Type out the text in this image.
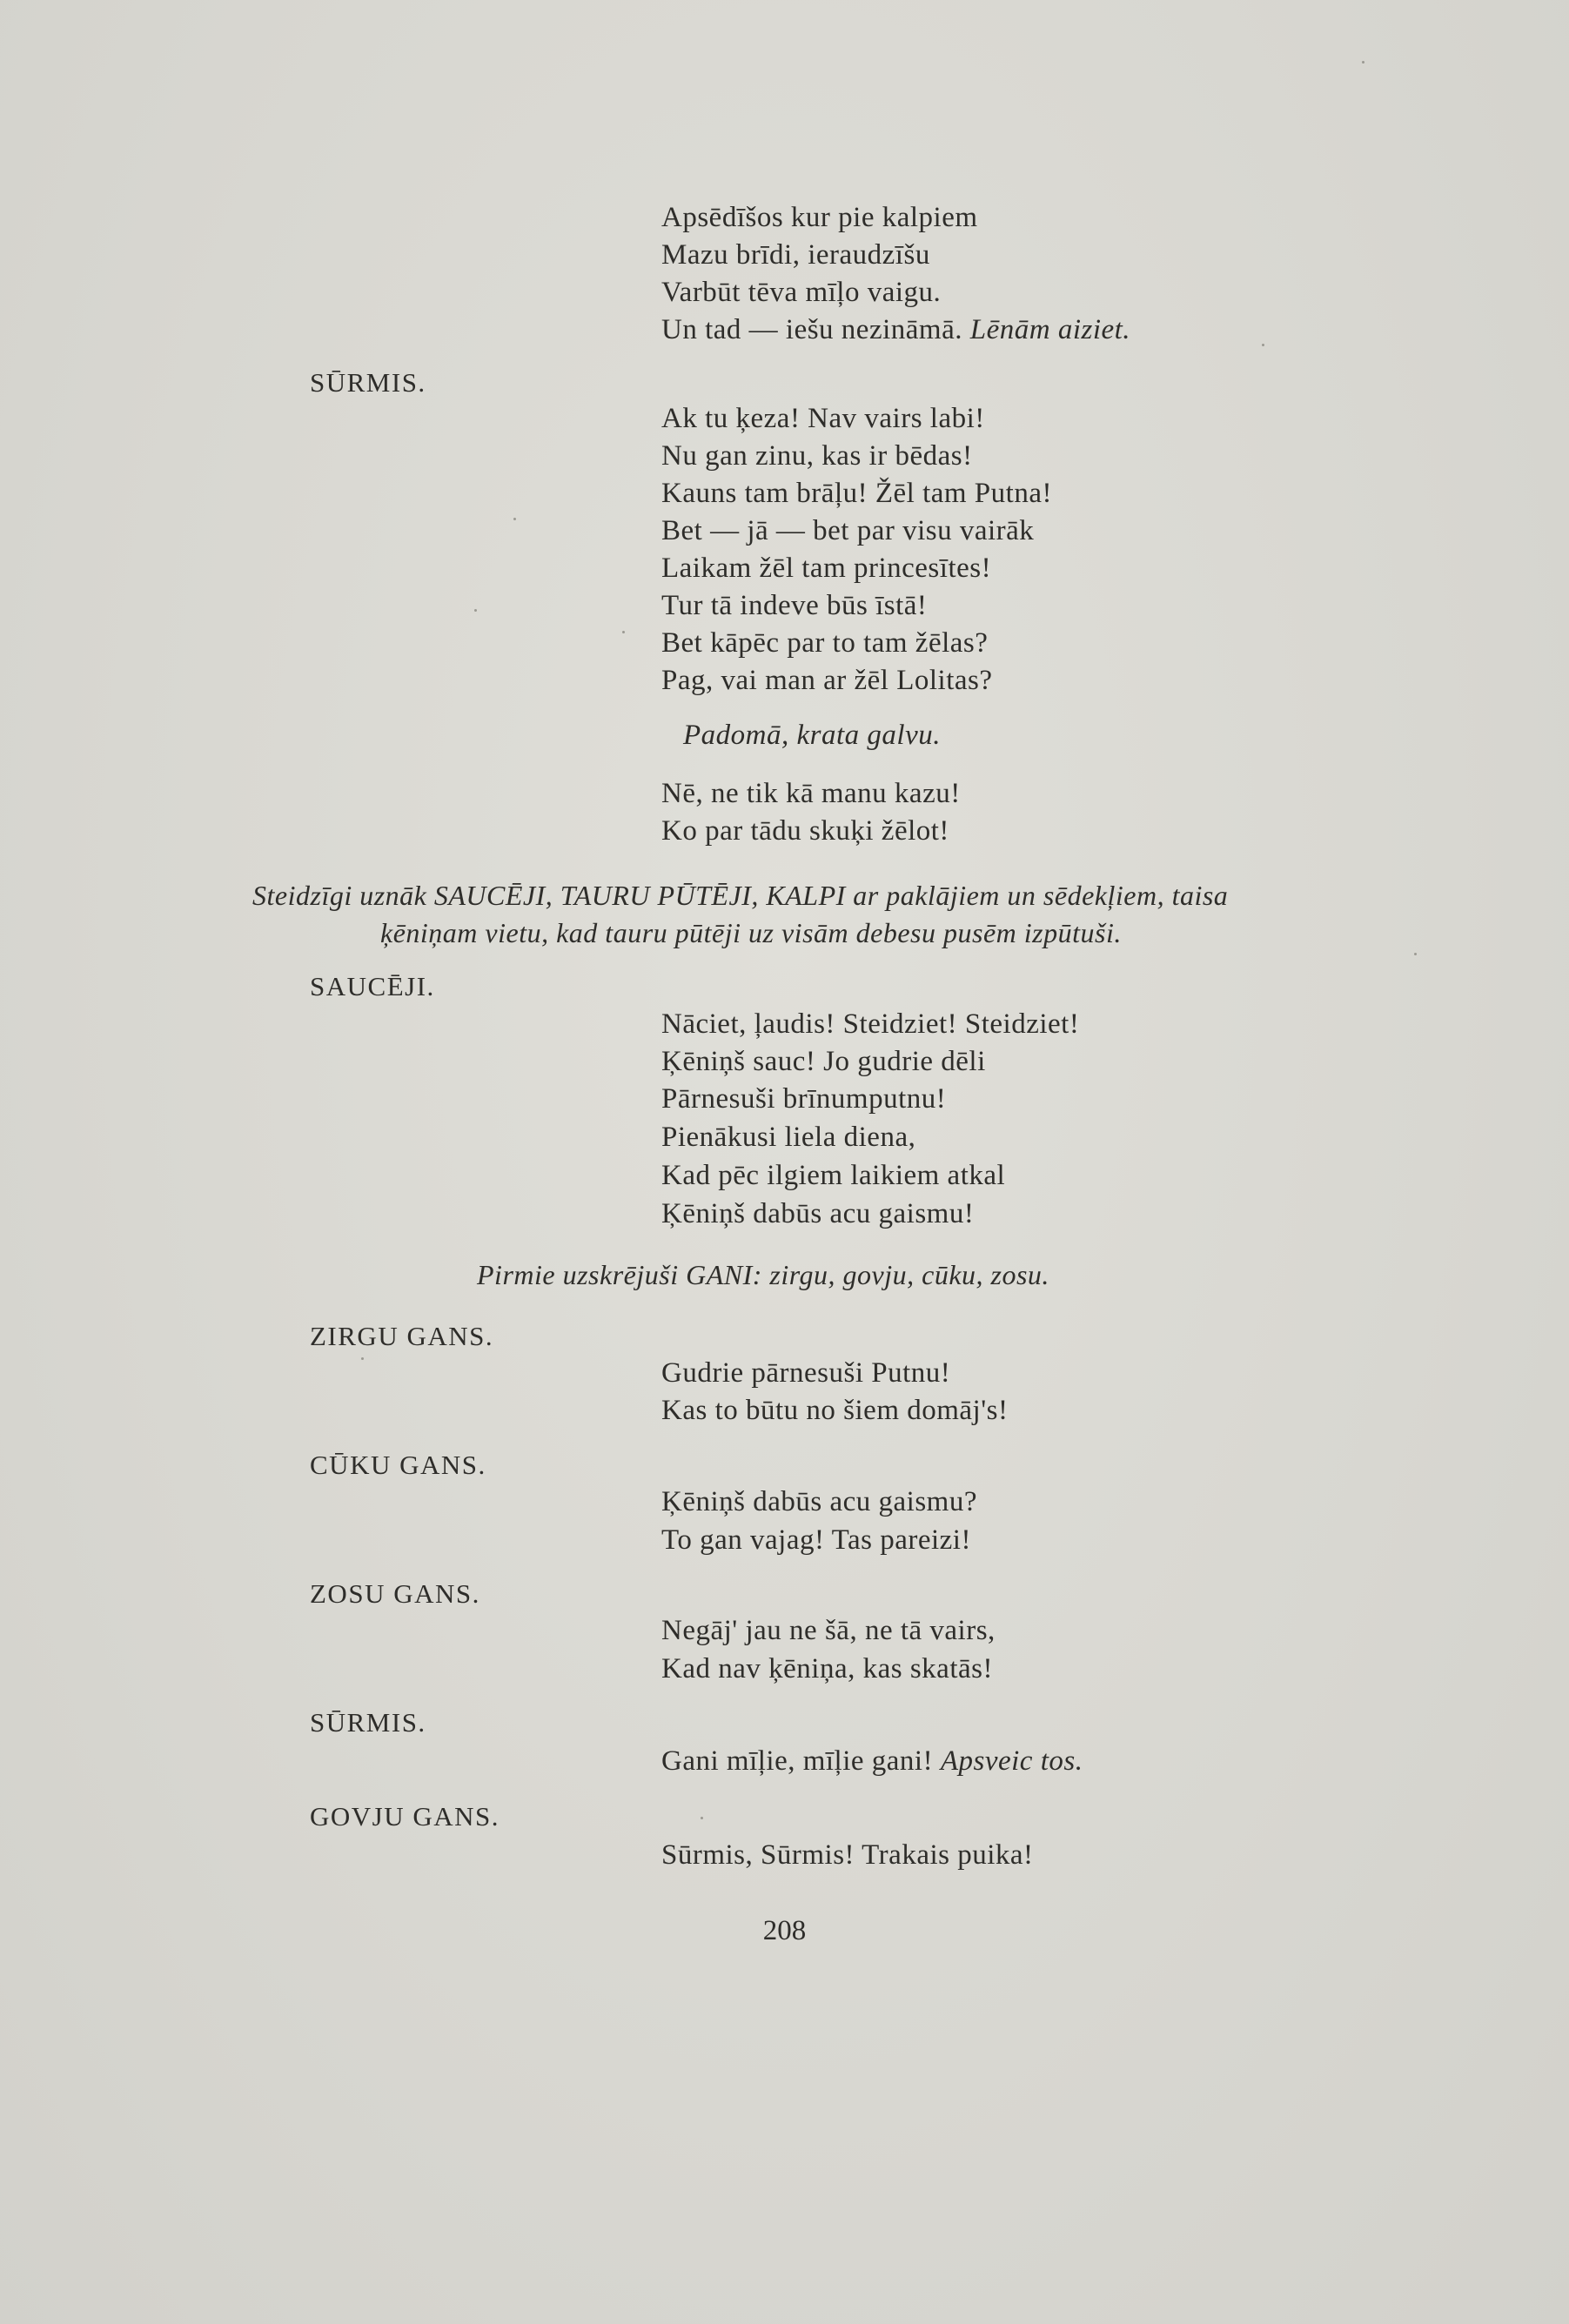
Apsēdīšos kur pie kalpiem
Mazu brīdi, ieraudzīšu
Varbūt tēva mīļo vaigu.
Un tad — iešu nezināmā. Lēnām aiziet.
SŪRMIS.
Ak tu ķeza! Nav vairs labi!
Nu gan zinu, kas ir bēdas!
Kauns tam brāļu! Žēl tam Putna!
Bet — jā — bet par visu vairāk
Laikam žēl tam princesītes!
Tur tā indeve būs īstā!
Bet kāpēc par to tam žēlas?
Pag, vai man ar žēl Lolitas?
Padomā, krata galvu.
Nē, ne tik kā manu kazu!
Ko par tādu skuķi žēlot!
Steidzīgi uznāk SAUCĒJI, TAURU PŪTĒJI, KALPI ar paklājiem un sēdekļiem, taisa
ķēniņam vietu, kad tauru pūtēji uz visām debesu pusēm izpūtuši.
SAUCĒJI.
Nāciet, ļaudis! Steidziet! Steidziet!
Ķēniņš sauc! Jo gudrie dēli
Pārnesuši brīnumputnu!
Pienākusi liela diena,
Kad pēc ilgiem laikiem atkal
Ķēniņš dabūs acu gaismu!
Pirmie uzskrējuši GANI: zirgu, govju, cūku, zosu.
ZIRGU GANS.
Gudrie pārnesuši Putnu!
Kas to būtu no šiem domāj's!
CŪKU GANS.
Ķēniņš dabūs acu gaismu?
To gan vajag! Tas pareizi!
ZOSU GANS.
Negāj' jau ne šā, ne tā vairs,
Kad nav ķēniņa, kas skatās!
SŪRMIS.
Gani mīļie, mīļie gani! Apsveic tos.
GOVJU GANS.
Sūrmis, Sūrmis! Trakais puika!
208
